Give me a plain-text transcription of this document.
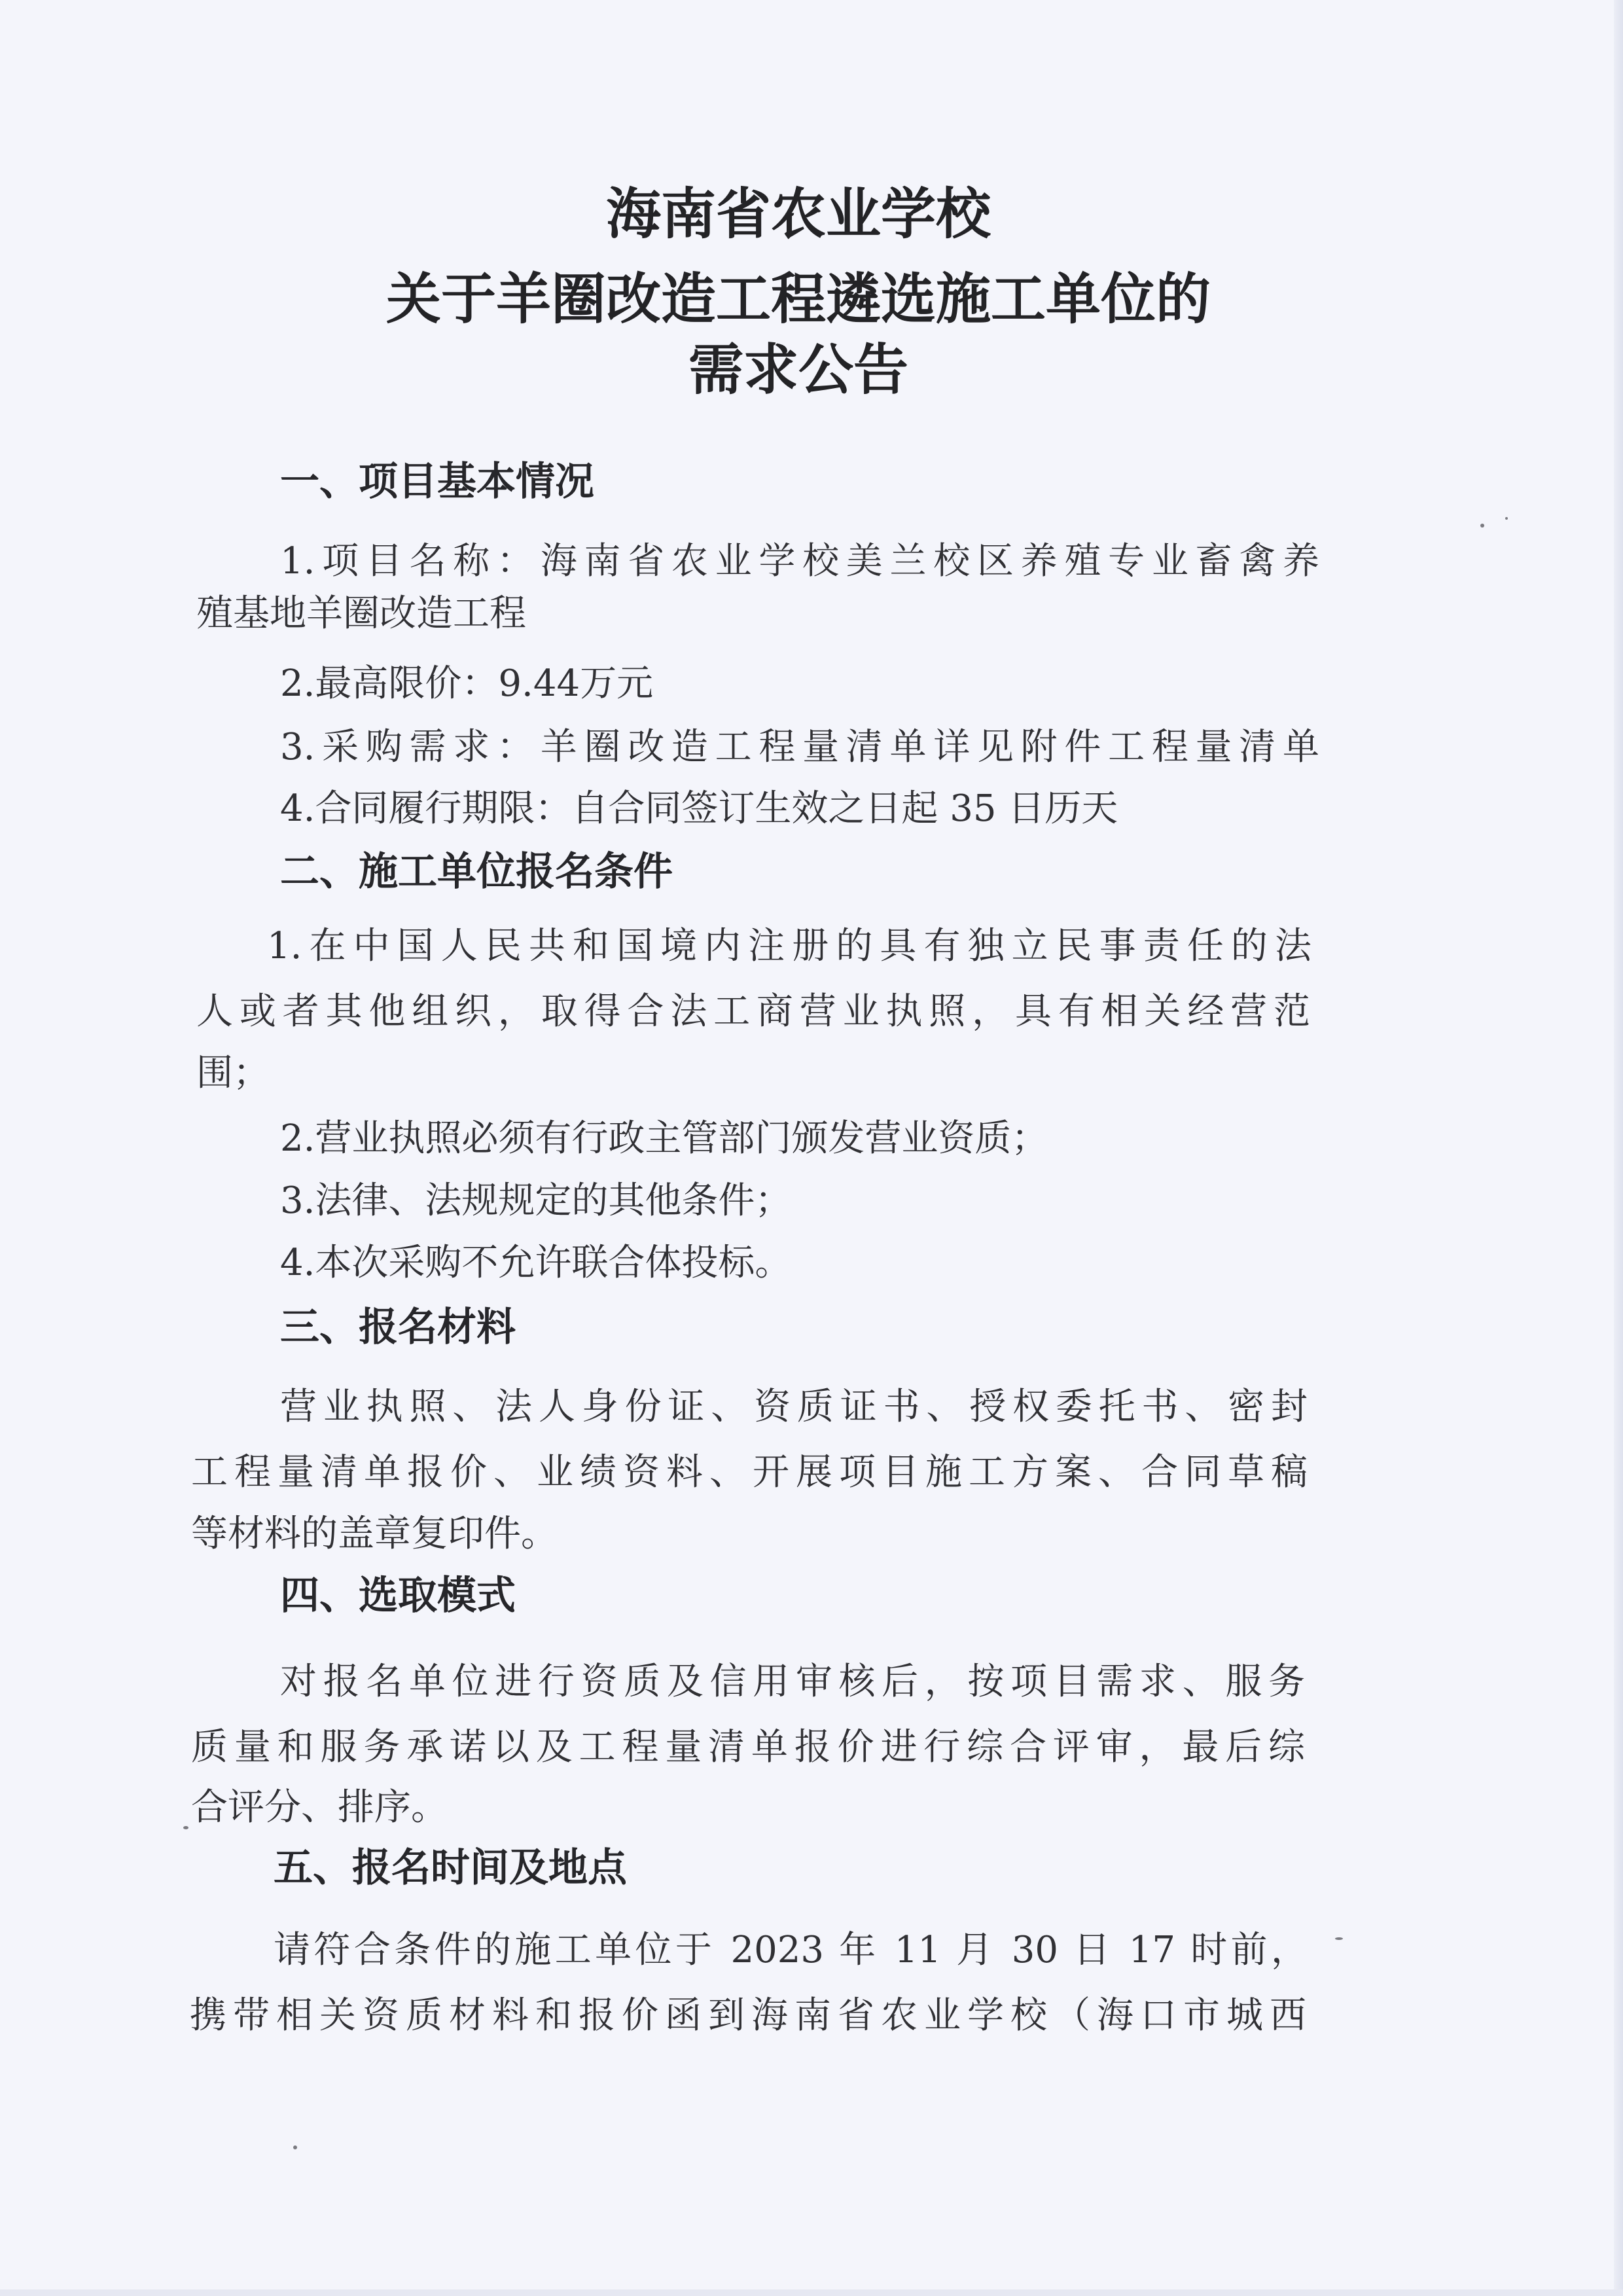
海南省农业学校
关于羊圈改造工程遴选施工单位的
需求公告
一、项目基本情况
1.项目名称：海南省农业学校美兰校区养殖专业畜禽养
殖基地羊圈改造工程
2.最高限价：9.44万元
3.采购需求：羊圈改造工程量清单详见附件工程量清单
4.合同履行期限：自合同签订生效之日起 35 日历天
二、施工单位报名条件
1.在中国人民共和国境内注册的具有独立民事责任的法
人或者其他组织，取得合法工商营业执照，具有相关经营范
围；
2.营业执照必须有行政主管部门颁发营业资质；
3.法律、法规规定的其他条件；
4.本次采购不允许联合体投标。
三、报名材料
营业执照、法人身份证、资质证书、授权委托书、密封
工程量清单报价、业绩资料、开展项目施工方案、合同草稿
等材料的盖章复印件。
四、选取模式
对报名单位进行资质及信用审核后，按项目需求、服务
质量和服务承诺以及工程量清单报价进行综合评审，最后综
合评分、排序。
五、报名时间及地点
请符合条件的施工单位于 2023 年 11 月 30 日 17 时前，
携带相关资质材料和报价函到海南省农业学校（海口市城西
